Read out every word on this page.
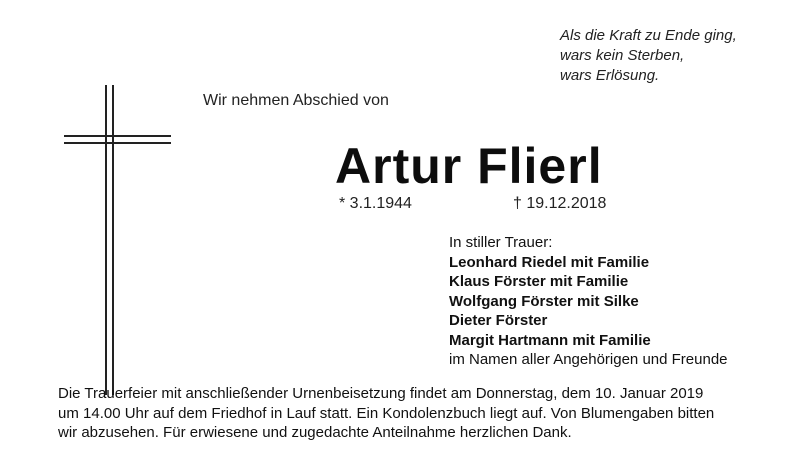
Als die Kraft zu Ende ging,
wars kein Sterben,
wars Erlösung.
Wir nehmen Abschied von
Artur Flierl
* 3.1.1944	† 19.12.2018
In stiller Trauer:
Leonhard Riedel mit Familie
Klaus Förster mit Familie
Wolfgang Förster mit Silke
Dieter Förster
Margit Hartmann mit Familie
im Namen aller Angehörigen und Freunde
Die Trauerfeier mit anschließender Urnenbeisetzung findet am Donnerstag, dem 10. Januar 2019
um 14.00 Uhr auf dem Friedhof in Lauf statt. Ein Kondolenzbuch liegt auf. Von Blumengaben bitten
wir abzusehen. Für erwiesene und zugedachte Anteilnahme herzlichen Dank.
